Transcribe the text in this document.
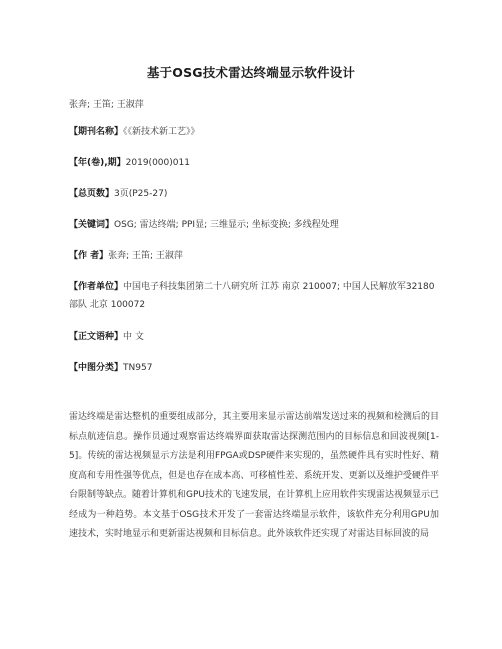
基于OSG技术雷达终端显示软件设计
张奔; 王笛; 王淑萍
【期刊名称】《《新技术新工艺》》
【年(卷),期】2019(000)011
【总页数】3页(P25-27)
【关键词】OSG; 雷达终端; PPI显; 三维显示; 坐标变换; 多线程处理
【作 者】张奔; 王笛; 王淑萍
【作者单位】中国电子科技集团第二十八研究所 江苏 南京 210007; 中国人民解放军32180部队 北京 100072
【正文语种】中 文
【中图分类】TN957
雷达终端是雷达整机的重要组成部分，其主要用来显示雷达前端发送过来的视频和检测后的目标点航迹信息。操作员通过观察雷达终端界面获取雷达探测范围内的目标信息和回波视频[1-5]。传统的雷达视频显示方法是利用FPGA或DSP硬件来实现的，虽然硬件具有实时性好、精度高和专用性强等优点，但是也存在成本高、可移植性差、系统开发、更新以及维护受硬件平台限制等缺点。随着计算机和GPU技术的飞速发展，在计算机上应用软件实现雷达视频显示已经成为一种趋势。本文基于OSG技术开发了一套雷达终端显示软件，该软件充分利用GPU加速技术，实时地显示和更新雷达视频和目标信息。此外该软件还实现了对雷达目标回波的局
